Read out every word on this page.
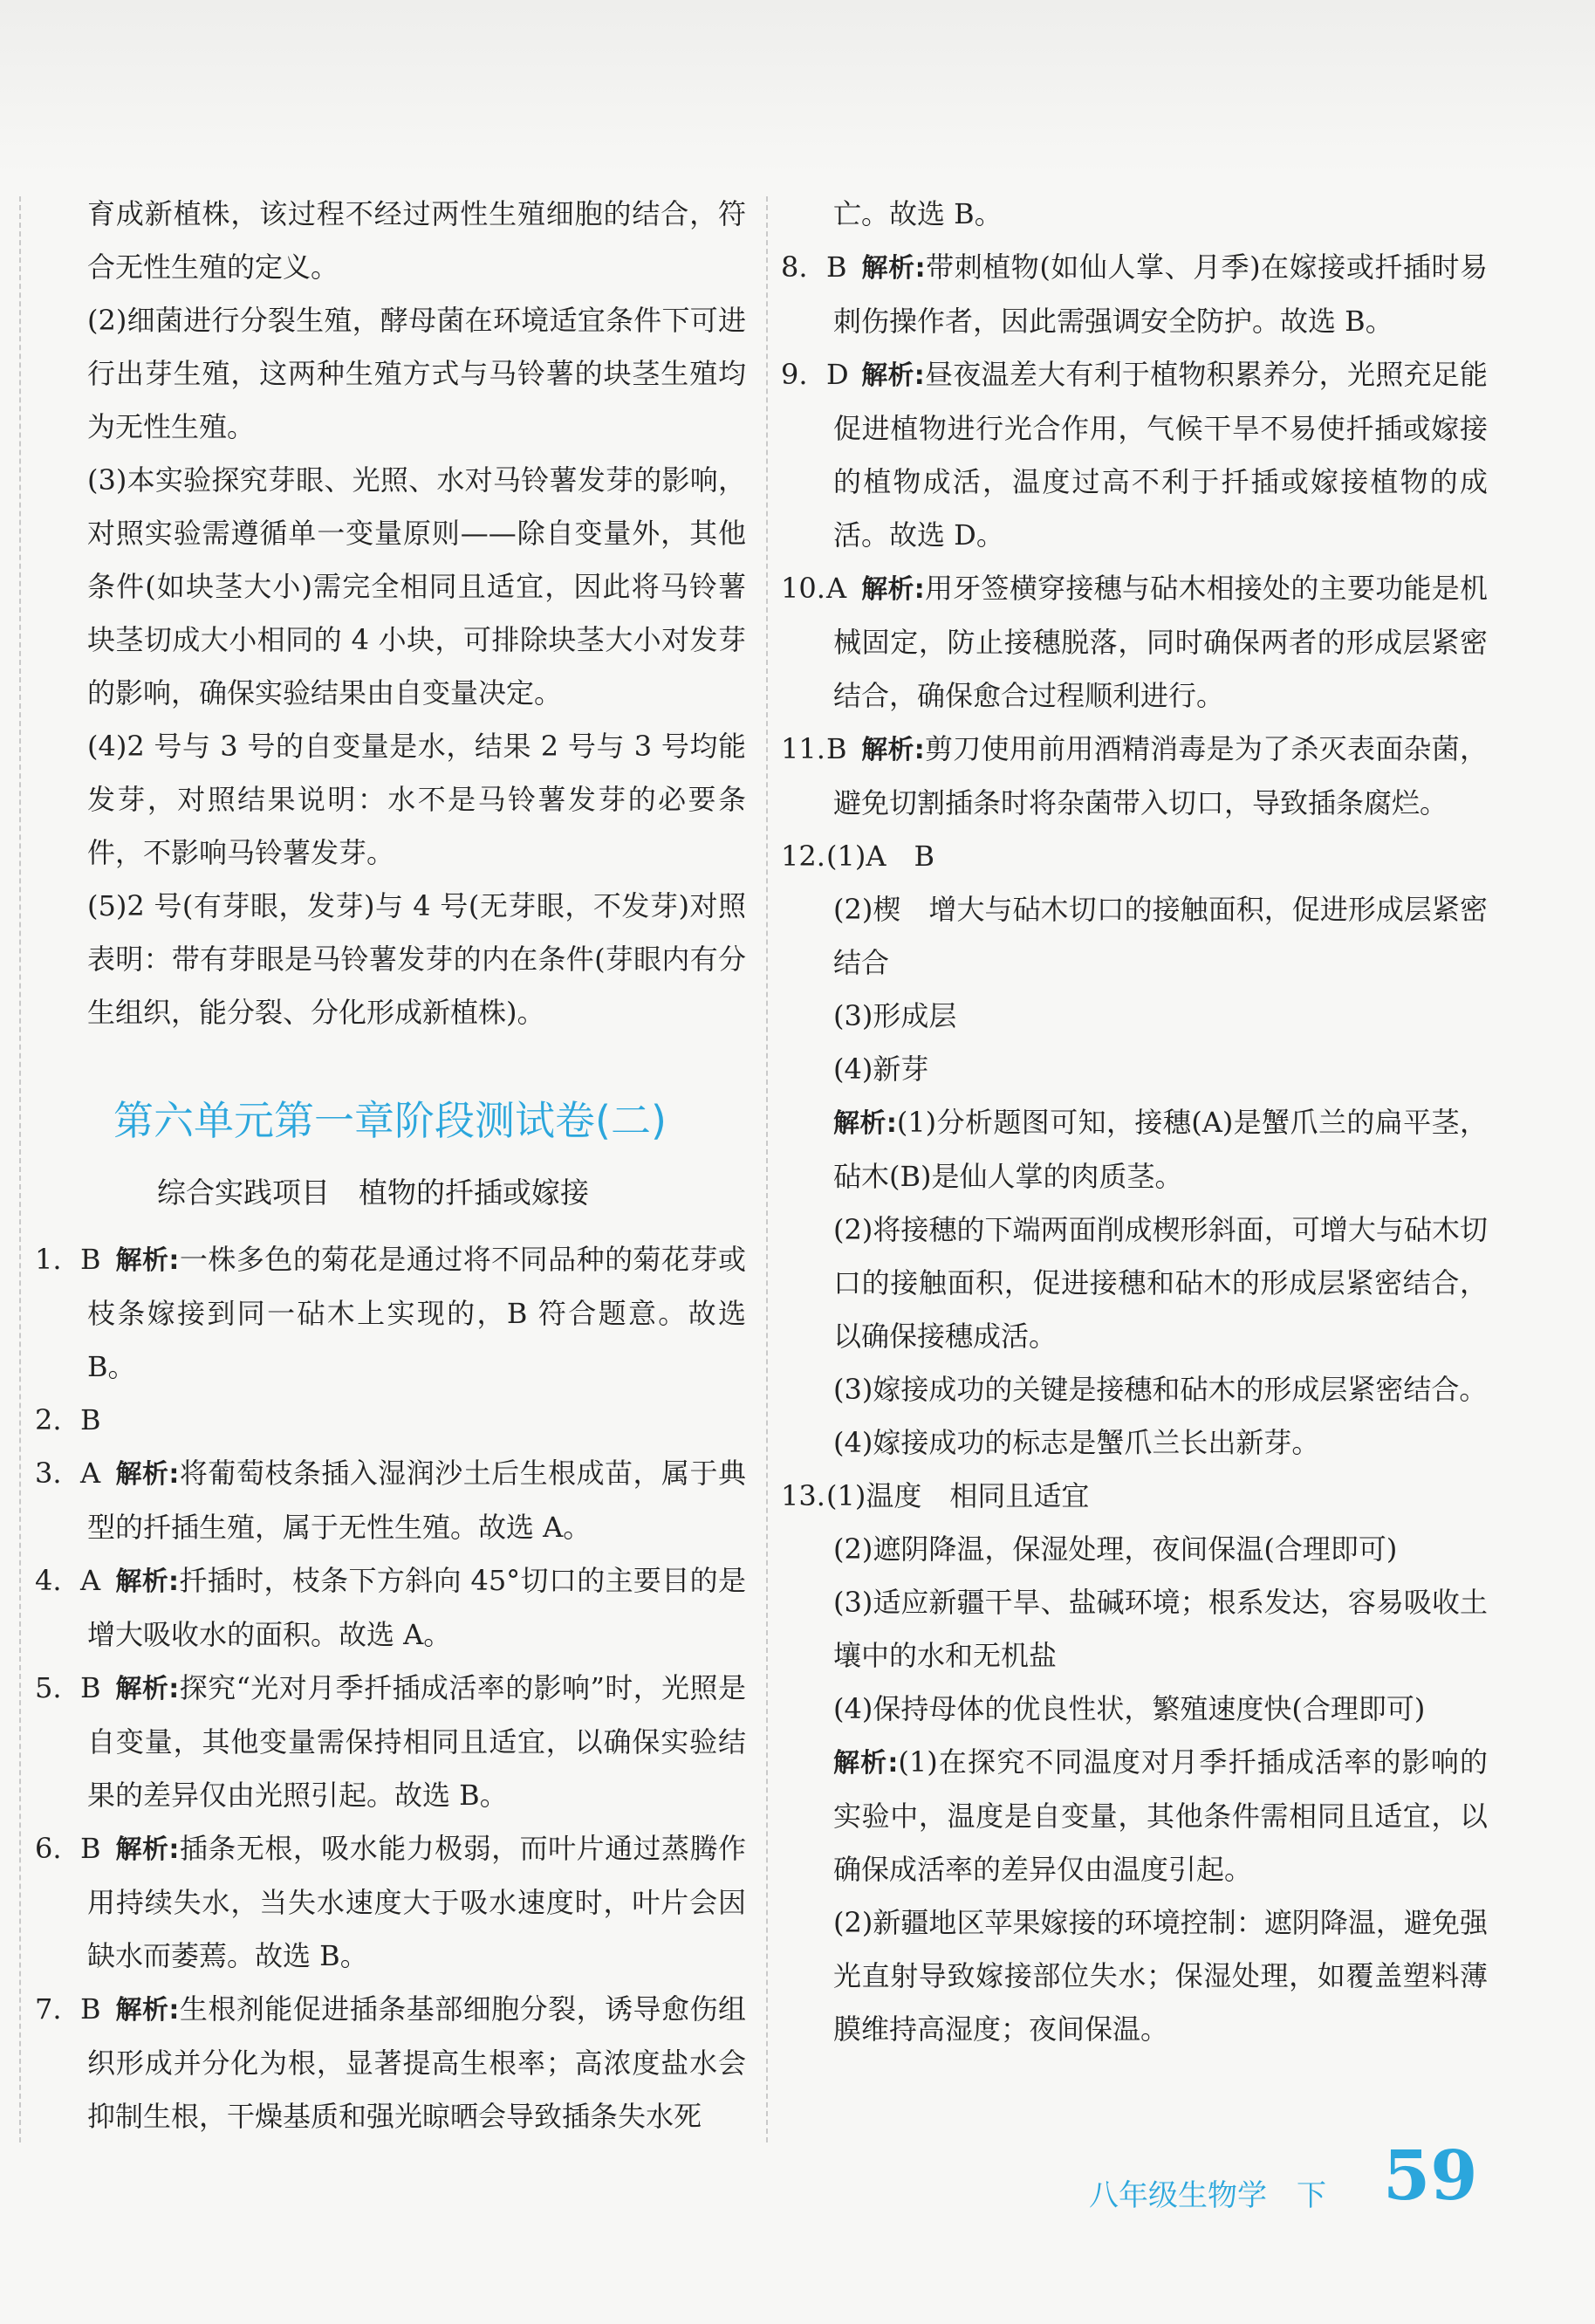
育成新植株，该过程不经过两性生殖细胞的结合，符合无性生殖的定义。

(2)细菌进行分裂生殖，酵母菌在环境适宜条件下可进行出芽生殖，这两种生殖方式与马铃薯的块茎生殖均为无性生殖。

(3)本实验探究芽眼、光照、水对马铃薯发芽的影响，对照实验需遵循单一变量原则——除自变量外，其他条件(如块茎大小)需完全相同且适宜，因此将马铃薯块茎切成大小相同的 4 小块，可排除块茎大小对发芽的影响，确保实验结果由自变量决定。

(4)2 号与 3 号的自变量是水，结果 2 号与 3 号均能发芽，对照结果说明：水不是马铃薯发芽的必要条件，不影响马铃薯发芽。

(5)2 号(有芽眼，发芽)与 4 号(无芽眼，不发芽)对照表明：带有芽眼是马铃薯发芽的内在条件(芽眼内有分生组织，能分裂、分化形成新植株)。

第六单元第一章阶段测试卷(二)
综合实践项目　植物的扦插或嫁接

1. B 解析:一株多色的菊花是通过将不同品种的菊花芽或枝条嫁接到同一砧木上实现的，B 符合题意。故选 B。

2. B

3. A 解析:将葡萄枝条插入湿润沙土后生根成苗，属于典型的扦插生殖，属于无性生殖。故选 A。

4. A 解析:扦插时，枝条下方斜向 45°切口的主要目的是增大吸收水的面积。故选 A。

5. B 解析:探究“光对月季扦插成活率的影响”时，光照是自变量，其他变量需保持相同且适宜，以确保实验结果的差异仅由光照引起。故选 B。

6. B 解析:插条无根，吸水能力极弱，而叶片通过蒸腾作用持续失水，当失水速度大于吸水速度时，叶片会因缺水而萎蔫。故选 B。

7. B 解析:生根剂能促进插条基部细胞分裂，诱导愈伤组织形成并分化为根，显著提高生根率；高浓度盐水会抑制生根，干燥基质和强光晾晒会导致插条失水死

亡。故选 B。

8. B 解析:带刺植物(如仙人掌、月季)在嫁接或扦插时易刺伤操作者，因此需强调安全防护。故选 B。

9. D 解析:昼夜温差大有利于植物积累养分，光照充足能促进植物进行光合作用，气候干旱不易使扦插或嫁接的植物成活，温度过高不利于扦插或嫁接植物的成活。故选 D。

10.A 解析:用牙签横穿接穗与砧木相接处的主要功能是机械固定，防止接穗脱落，同时确保两者的形成层紧密结合，确保愈合过程顺利进行。

11.B 解析:剪刀使用前用酒精消毒是为了杀灭表面杂菌，避免切割插条时将杂菌带入切口，导致插条腐烂。

12.(1)A　B

(2)楔　增大与砧木切口的接触面积，促进形成层紧密结合

(3)形成层

(4)新芽

解析:(1)分析题图可知，接穗(A)是蟹爪兰的扁平茎，砧木(B)是仙人掌的肉质茎。

(2)将接穗的下端两面削成楔形斜面，可增大与砧木切口的接触面积，促进接穗和砧木的形成层紧密结合，以确保接穗成活。

(3)嫁接成功的关键是接穗和砧木的形成层紧密结合。

(4)嫁接成功的标志是蟹爪兰长出新芽。

13.(1)温度　相同且适宜

(2)遮阴降温，保湿处理，夜间保温(合理即可)

(3)适应新疆干旱、盐碱环境；根系发达，容易吸收土壤中的水和无机盐

(4)保持母体的优良性状，繁殖速度快(合理即可)

解析:(1)在探究不同温度对月季扦插成活率的影响的实验中，温度是自变量，其他条件需相同且适宜，以确保成活率的差异仅由温度引起。

(2)新疆地区苹果嫁接的环境控制：遮阴降温，避免强光直射导致嫁接部位失水；保湿处理，如覆盖塑料薄膜维持高湿度；夜间保温。

八年级生物学　下 59
